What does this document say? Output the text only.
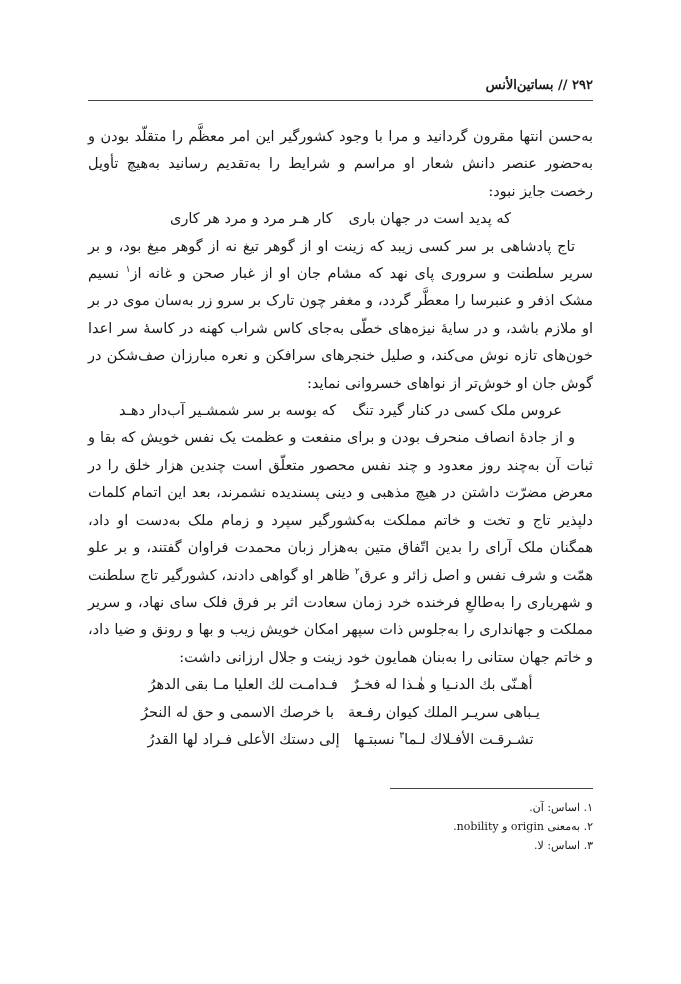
۲۹۲ // بساتین‌الأنس

به‌حسن انتها مقرون گردانید و مرا با وجود کشورگیر این امر معظَّم را متقلّد بودن و به‌حضور عنصر دانش شعار او مراسم و شرایط را به‌تقدیم رسانید به‌هیچ تأویل رخصت جایز نبود:

که پدید است در جهان باری
کار هـر مرد و مرد هر کاری

تاج پادشاهی بر سر کسی زیبد که زینت او از گوهر تیغ نه از گوهر میغ بود، و بر سریر سلطنت و سروری پای نهد که مشام جان او از غبار صحن و غانه از$^۱$ نسیم مشک اذفر و عنبرسا را معطَّر گردد، و مغفر چون تارک بر سرو زر به‌سان موی در بر او ملازم باشد، و در سایهٔ نیزه‌های خطّی به‌جای کاس شراب کهنه در کاسهٔ سر اعدا خون‌های تازه نوش می‌کند، و صلیل خنجرهای سرافکن و نعره مبارزان صف‌شکن در گوش جان او خوش‌تر از نواهای خسروانی نماید:

عروس ملک کسی در کنار گیرد تنگ
که بوسه بر سر شمشـیر آب‌دار دهـد

و از جادهٔ انصاف منحرف بودن و برای منفعت و عظمت یک نفس خویش که بقا و ثبات آن به‌چند روز معدود و چند نفس محصور متعلّق است چندین هزار خلق را در معرض مضرّت داشتن در هیچ مذهبی و دینی پسندیده نشمرند، بعد این اتمام کلمات دلپذیر تاج و تخت و خاتم مملکت به‌کشورگیر سپرد و زمام ملک به‌دست او داد، همگنان ملک آرای را بدین اتّفاق متین به‌هزار زبان محمدت فراوان گفتند، و بر علو همّت و شرف نفس و اصل زائر و عرق$^۲$ ظاهر او گواهی دادند، کشورگیر تاج سلطنت و شهریاری را به‌طالعِ فرخنده خرد زمان سعادت اثر بر فرق فلک سای نهاد، و سریر مملکت و جهانداری را به‌جلوس ذات سپهر امکان خویش زیب و بها و رونق و ضیا داد، و خاتم جهان ستانی را به‌بنان همایون خود زینت و جلال ارزانی داشت:

أهـنّی بك الدنـیا و هٰـذا له فخـرٌ
فـدامـت لك العلیا مـا بقی الدهرُ
یـباهی سریـر الملك کیوان رفـعة
با خرصك الاسمی و حق له النحرُ
تشـرقـت الأفـلاك لـما$^۳$ نسبتـها
إلی دستك الأعلی فـراد لها القدرُ
۱. اساس: آن.
۲. به‌معنی origin و nobility.
۳. اساس: لا.
